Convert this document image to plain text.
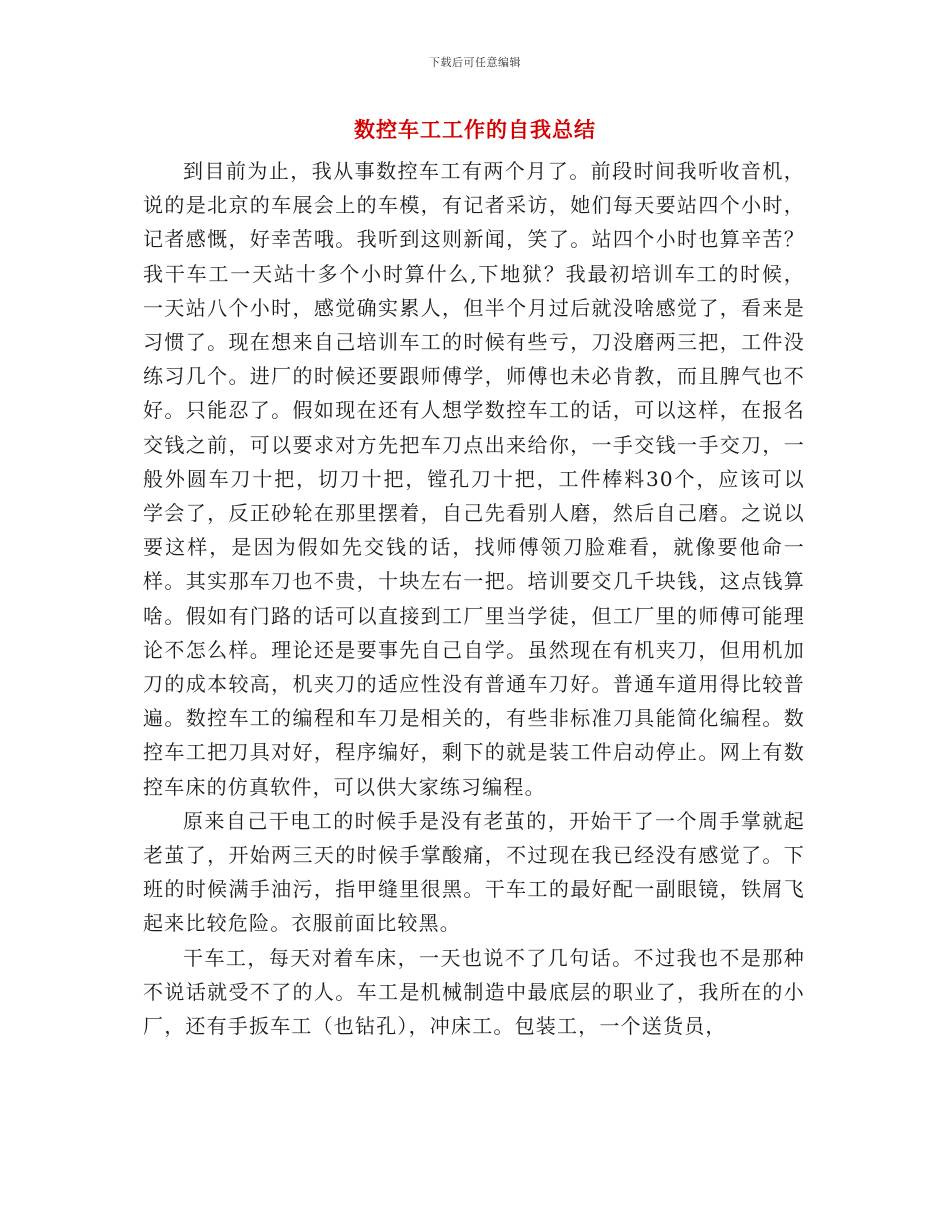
下载后可任意编辑
数控车工工作的自我总结

到目前为止，我从事数控车工有两个月了。前段时间我听收音机，说的是北京的车展会上的车模，有记者采访，她们每天要站四个小时，记者感慨，好幸苦哦。我听到这则新闻，笑了。站四个小时也算辛苦？我干车工一天站十多个小时算什么,下地狱？我最初培训车工的时候，一天站八个小时，感觉确实累人，但半个月过后就没啥感觉了，看来是习惯了。现在想来自己培训车工的时候有些亏，刀没磨两三把，工件没练习几个。进厂的时候还要跟师傅学，师傅也未必肯教，而且脾气也不好。只能忍了。假如现在还有人想学数控车工的话，可以这样，在报名交钱之前，可以要求对方先把车刀点出来给你，一手交钱一手交刀，一般外圆车刀十把，切刀十把，镗孔刀十把，工件棒料30个，应该可以学会了，反正砂轮在那里摆着，自己先看别人磨，然后自己磨。之说以要这样，是因为假如先交钱的话，找师傅领刀脸难看，就像要他命一样。其实那车刀也不贵，十块左右一把。培训要交几千块钱，这点钱算啥。假如有门路的话可以直接到工厂里当学徒，但工厂里的师傅可能理论不怎么样。理论还是要事先自己自学。虽然现在有机夹刀，但用机加刀的成本较高，机夹刀的适应性没有普通车刀好。普通车道用得比较普遍。数控车工的编程和车刀是相关的，有些非标准刀具能简化编程。数控车工把刀具对好，程序编好，剩下的就是装工件启动停止。网上有数控车床的仿真软件，可以供大家练习编程。

原来自己干电工的时候手是没有老茧的，开始干了一个周手掌就起老茧了，开始两三天的时候手掌酸痛，不过现在我已经没有感觉了。下班的时候满手油污，指甲缝里很黑。干车工的最好配一副眼镜，铁屑飞起来比较危险。衣服前面比较黑。

干车工，每天对着车床，一天也说不了几句话。不过我也不是那种不说话就受不了的人。车工是机械制造中最底层的职业了，我所在的小厂，还有手扳车工（也钻孔），冲床工。包装工，一个送货员，
